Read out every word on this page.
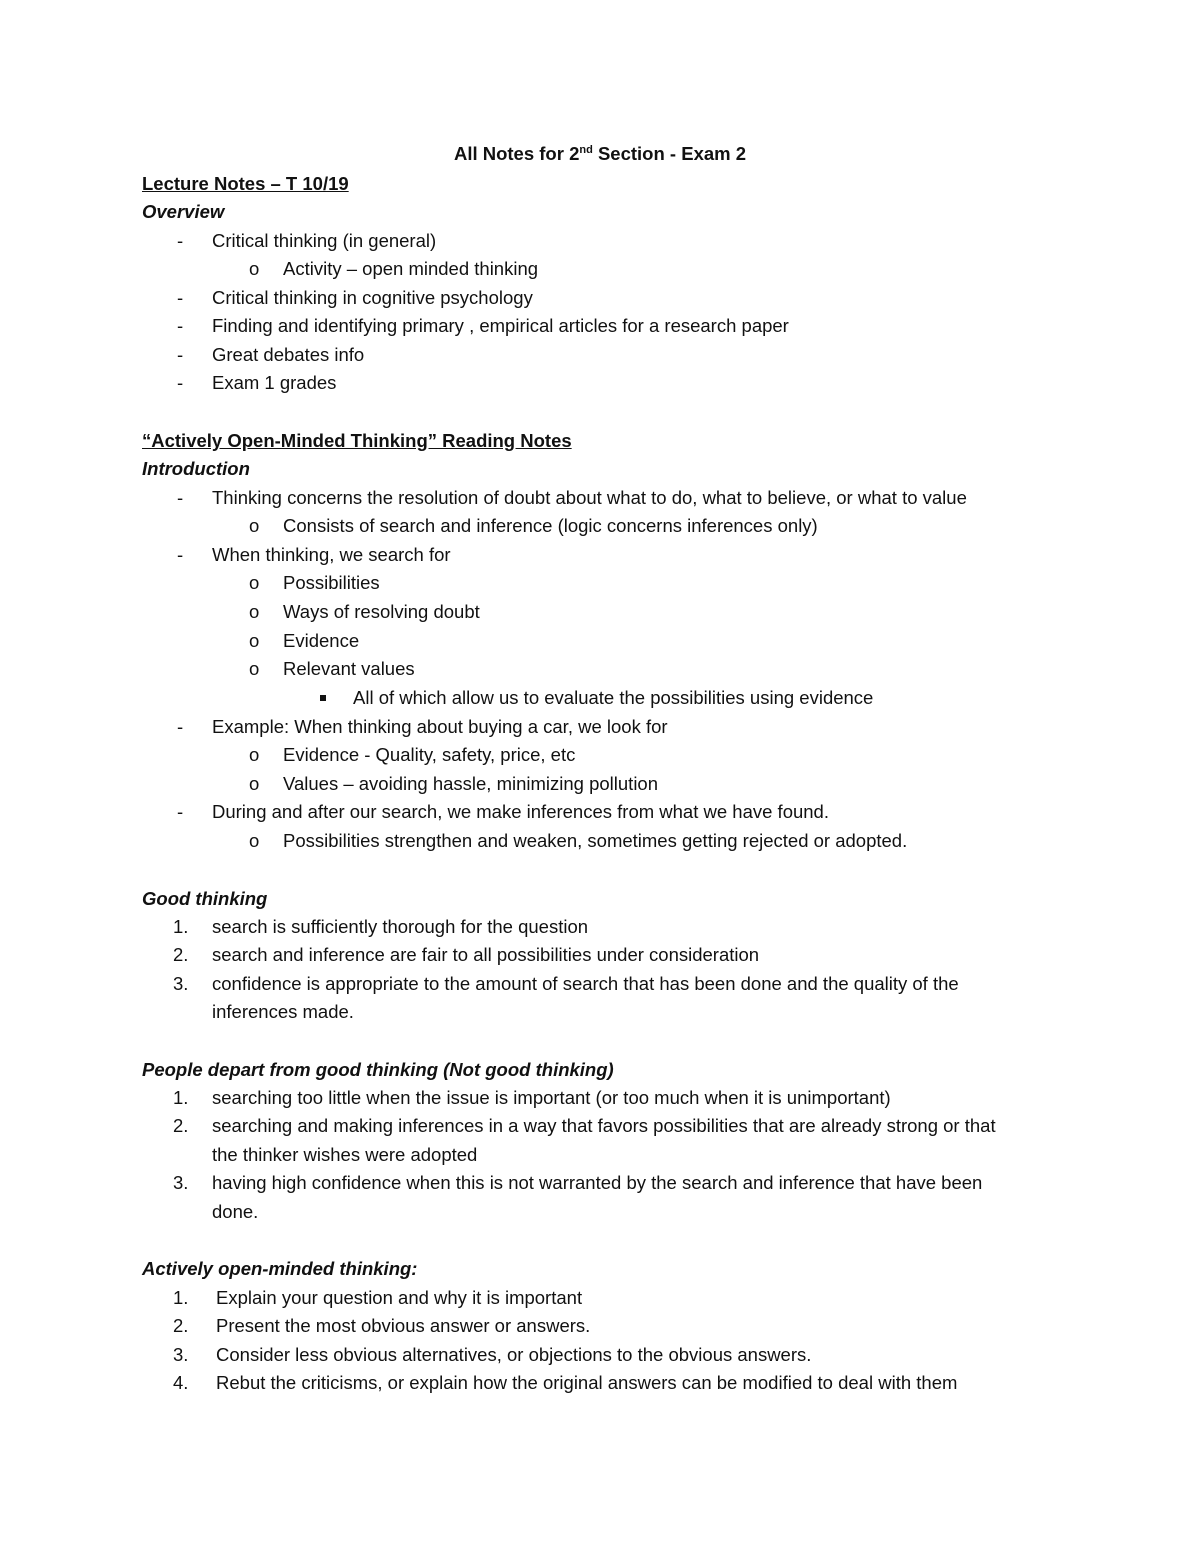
All Notes for 2nd Section - Exam 2
Lecture Notes – T 10/19
Overview
- Critical thinking (in general)
o Activity – open minded thinking
- Critical thinking in cognitive psychology
- Finding and identifying primary , empirical articles for a research paper
- Great debates info
- Exam 1 grades
“Actively Open-Minded Thinking” Reading Notes
Introduction
- Thinking concerns the resolution of doubt about what to do, what to believe, or what to value
o Consists of search and inference (logic concerns inferences only)
- When thinking, we search for
o Possibilities
o Ways of resolving doubt
o Evidence
o Relevant values
All of which allow us to evaluate the possibilities using evidence
- Example: When thinking about buying a car, we look for
o Evidence - Quality, safety, price, etc
o Values – avoiding hassle, minimizing pollution
- During and after our search, we make inferences from what we have found.
o Possibilities strengthen and weaken, sometimes getting rejected or adopted.
Good thinking
1. search is sufficiently thorough for the question
2. search and inference are fair to all possibilities under consideration
3. confidence is appropriate to the amount of search that has been done and the quality of the
inferences made.
People depart from good thinking (Not good thinking)
1. searching too little when the issue is important (or too much when it is unimportant)
2. searching and making inferences in a way that favors possibilities that are already strong or that
the thinker wishes were adopted
3. having high confidence when this is not warranted by the search and inference that have been
done.
Actively open-minded thinking:
1. Explain your question and why it is important
2. Present the most obvious answer or answers.
3. Consider less obvious alternatives, or objections to the obvious answers.
4. Rebut the criticisms, or explain how the original answers can be modified to deal with them
